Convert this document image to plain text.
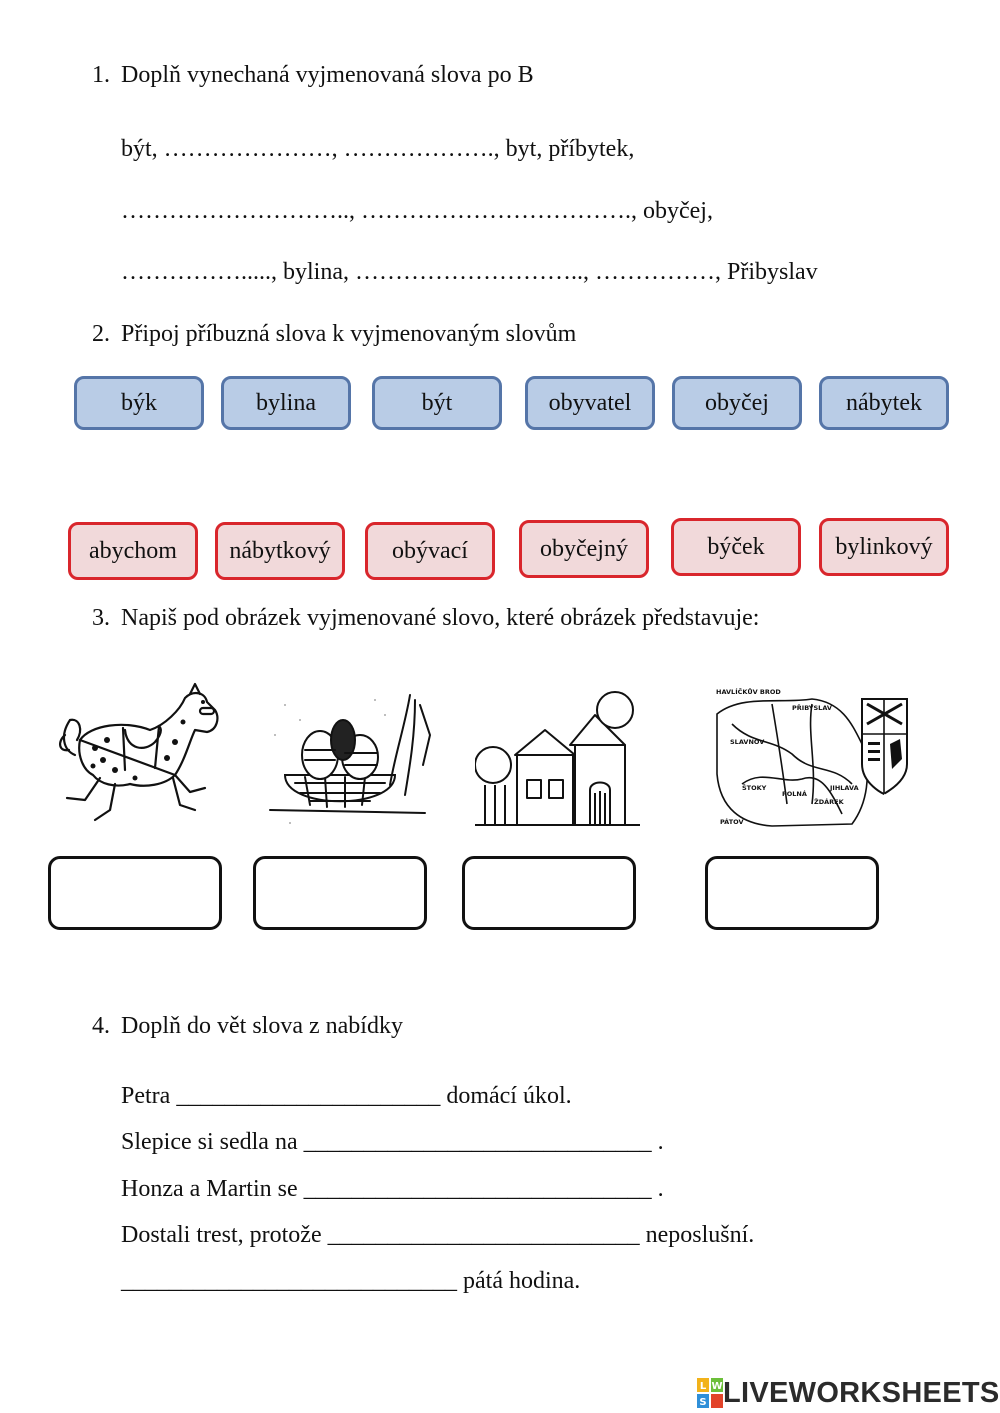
1. Doplň vynechaná vyjmenovaná slova po B
být, …………………, ………………., byt, příbytek,
……………………….., ……………………………., obyčej,
……………....., bylina, ……………………….., ……………, Přibyslav
2. Připoj příbuzná slova k vyjmenovaným slovům
býk	bylina	být	obyvatel	obyčej	nábytek
abychom	nábytkový	obývací	obyčejný	býček	bylinkový
3. Napiš pod obrázek vyjmenované slovo, které obrázek představuje:
HAVLÍČKŮV BROD
PŘIBYSLAV
SLAVNOV
ŠTOKY
POLNÁ
ŽDÁREK
PÁTOV
JIHLAVA
4. Doplň do vět slova z nabídky
Petra ______________________ domácí úkol.
Slepice si sedla na _____________________________ .
Honza a Martin se _____________________________ .
Dostali trest, protože __________________________ neposlušní.
____________________________ pátá hodina.
L W
S LIVEWORKSHEETS
